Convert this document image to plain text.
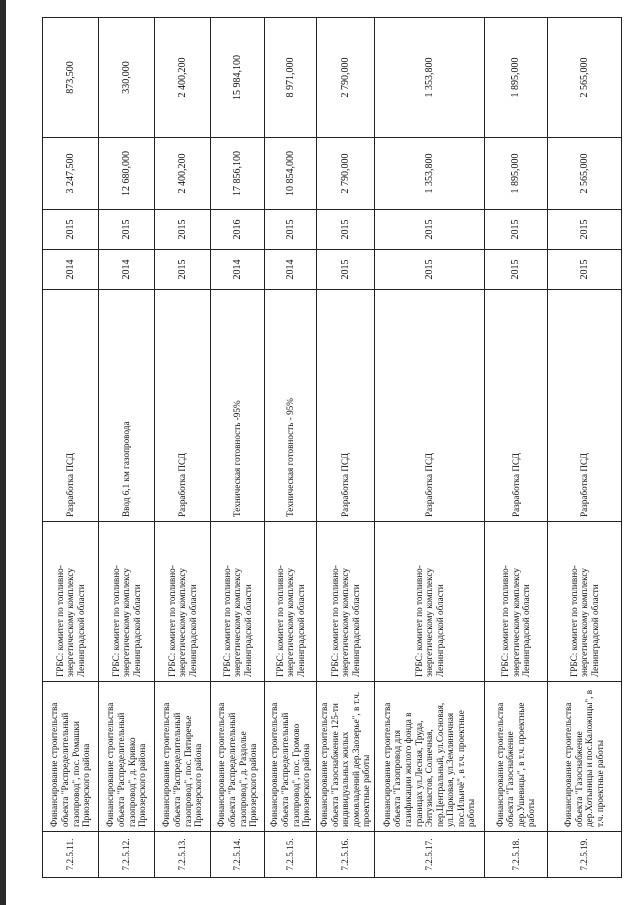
7.2.5.11.	Финансирование строительства объекта "Распределительный газопровод", пос. Ромашки Приозерского района	ГРБС: комитет по топливно-энергетическому комплексу Ленинградской области	Разработка ПСД	2014	2015	3 247,500	873,500
7.2.5.12.	Финансирование строительства объекта "Распределительный газопровод", д. Кривко Приозерского района	ГРБС: комитет по топливно-энергетическому комплексу Ленинградской области	Ввод 6,1 км газопровода	2014	2015	12 680,000	330,000
7.2.5.13.	Финансирование строительства объекта "Распределительный газопровод", пос. Пятиречье Приозерского района	ГРБС: комитет по топливно-энергетическому комплексу Ленинградской области	Разработка ПСД	2015	2015	2 400,200	2 400,200
7.2.5.14.	Финансирование строительства объекта "Распределительный газопровод", д. Раздолье Приозерского района	ГРБС: комитет по топливно-энергетическому комплексу Ленинградской области	Техническая готовность -95%	2014	2016	17 856,100	15 984,100
7.2.5.15.	Финансирование строительства объекта "Распределительный газопровод", пос. Громово Приозерского района	ГРБС: комитет по топливно-энергетическому комплексу Ленинградской области	Техническая готовность - 95%	2014	2015	10 854,000	8 971,000
7.2.5.16.	Финансирование строительства объекта "Газоснабжение 125-ти индивидуальных жилых домовладений дер.Заозерье", в т.ч. проектные работы	ГРБС: комитет по топливно-энергетическому комплексу Ленинградской области	Разработка ПСД	2015	2015	2 790,000	2 790,000
7.2.5.17.	Финансирование строительства объекта "Газопровод для газификации жилого фонда в границах ул.Лесная, Труда, Энтузиастов, Солнечная, пер.Центральный, ул.Сосновая, ул.Парковая, ул.Земляничная пос.Ильичё", в т.ч. проектные работы	ГРБС: комитет по топливно-энергетическому комплексу Ленинградской области	Разработка ПСД	2015	2015	1 353,800	1 353,800
7.2.5.18.	Финансирование строительства объекта "Газоснабжение дер.Ушевицы", в т.ч. проектные работы	ГРБС: комитет по топливно-энергетическому комплексу Ленинградской области	Разработка ПСД	2015	2015	1 895,000	1 895,000
7.2.5.19.	Финансирование строительства объекта "Газоснабжение дер.Хотыницы и пос.Каложицы", в т.ч. проектные работы	ГРБС: комитет по топливно-энергетическому комплексу Ленинградской области	Разработка ПСД	2015	2015	2 565,000	2 565,000
